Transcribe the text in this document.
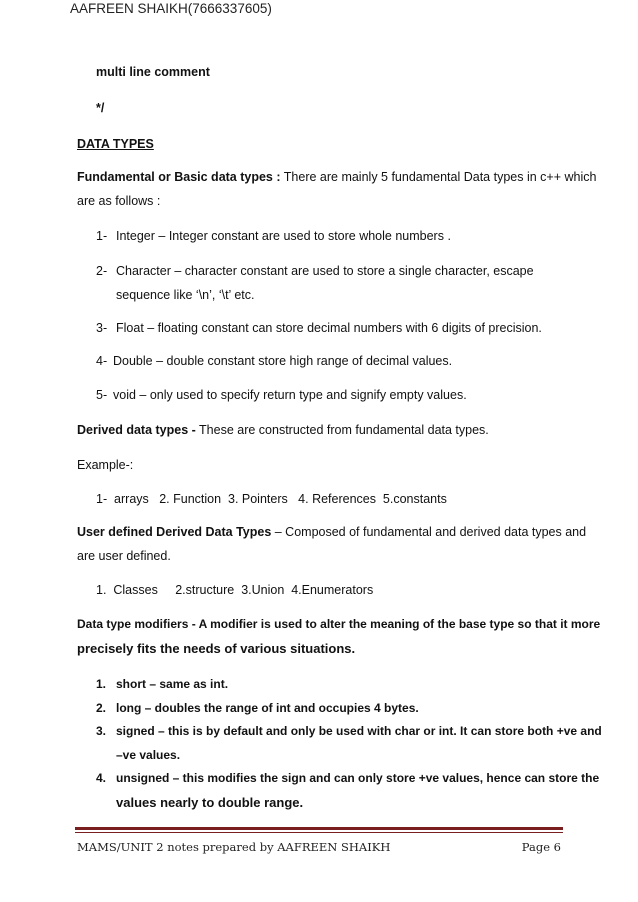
AAFREEN SHAIKH(7666337605)
multi line comment
*/
DATA TYPES
Fundamental or Basic data types : There are mainly 5 fundamental Data types in c++ which
are as follows :
1- Integer – Integer constant are used to store whole numbers .
2- Character – character constant are used to store a single character, escape
sequence like ‘\n’, ‘\t’ etc.
3- Float – floating constant can store decimal numbers with 6 digits of precision.
4- Double – double constant store high range of decimal values.
5- void – only used to specify return type and signify empty values.
Derived data types - These are constructed from fundamental data types.
Example-:
1-  arrays   2. Function  3. Pointers   4. References  5.constants
User defined Derived Data Types – Composed of fundamental and derived data types and
are user defined.
1.  Classes     2.structure  3.Union  4.Enumerators
Data type modifiers - A modifier is used to alter the meaning of the base type so that it more
precisely fits the needs of various situations.
1. short – same as int.
2. long – doubles the range of int and occupies 4 bytes.
3. signed – this is by default and only be used with char or int. It can store both +ve and
–ve values.
4. unsigned – this modifies the sign and can only store +ve values, hence can store the
values nearly to double range.
MAMS/UNIT 2 notes prepared by AAFREEN SHAIKH	Page 6
